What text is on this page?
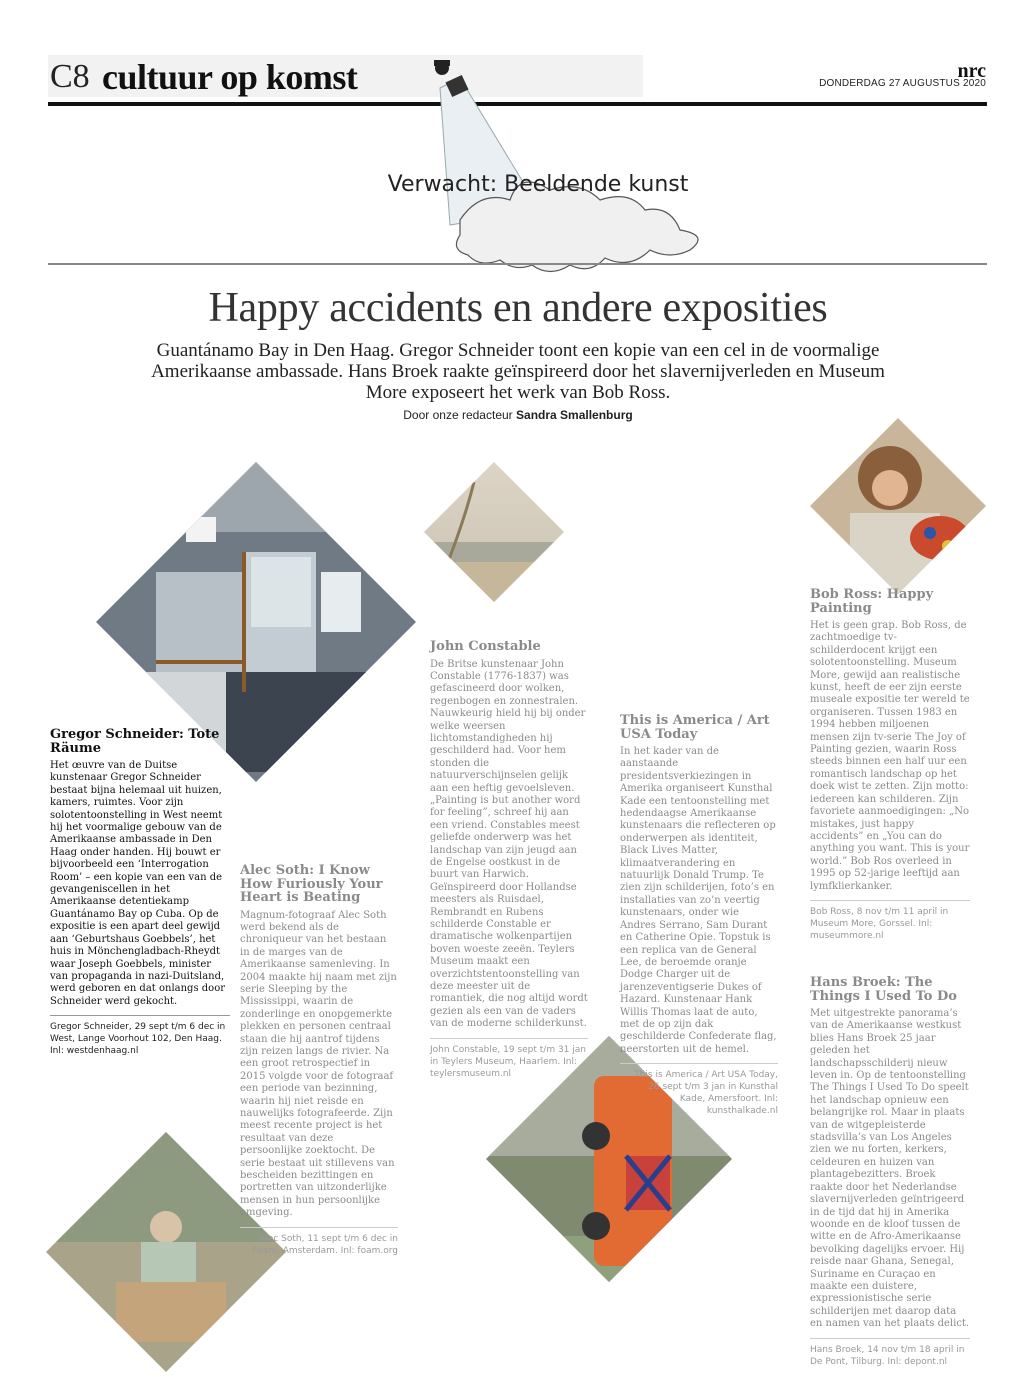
C8 cultuur op komst	nrc
DONDERDAG 27 AUGUSTUS 2020
Verwacht: Beeldende kunst
Happy accidents en andere exposities

Guantánamo Bay in Den Haag. Gregor Schneider toont een kopie van een cel in de voormalige Amerikaanse ambassade. Hans Broek raakte geïnspireerd door het slavernijverleden en Museum More exposeert het werk van Bob Ross.

Door onze redacteur Sandra Smallenburg
Gregor Schneider: Tote Räume
Het œuvre van de Duitse kunstenaar Gregor Schneider bestaat bijna helemaal uit huizen, kamers, ruimtes. Voor zijn solotentoonstelling in West neemt hij het voormalige gebouw van de Amerikaanse ambassade in Den Haag onder handen. Hij bouwt er bijvoorbeeld een ‘Interrogation Room’ – een kopie van een van de gevangeniscellen in het Amerikaanse detentiekamp Guantánamo Bay op Cuba. Op de expositie is een apart deel gewijd aan ‘Geburtshaus Goebbels’, het huis in Mönchengladbach-Rheydt waar Joseph Goebbels, minister van propaganda in nazi-Duitsland, werd geboren en dat onlangs door Schneider werd gekocht.
Gregor Schneider, 29 sept t/m 6 dec in West, Lange Voorhout 102, Den Haag. Inl: westdenhaag.nl
Alec Soth: I Know How Furiously Your Heart is Beating
Magnum-fotograaf Alec Soth werd bekend als de chroniqueur van het bestaan in de marges van de Amerikaanse samenleving. In 2004 maakte hij naam met zijn serie Sleeping by the Mississippi, waarin de zonderlinge en onopgemerkte plekken en personen centraal staan die hij aantrof tijdens zijn reizen langs de rivier. Na een groot retrospectief in 2015 volgde voor de fotograaf een periode van bezinning, waarin hij niet reisde en nauwelijks fotografeerde. Zijn meest recente project is het resultaat van deze persoonlijke zoektocht. De serie bestaat uit stillevens van bescheiden bezittingen en portretten van uitzonderlijke mensen in hun persoonlijke omgeving.
Alec Soth, 11 sept t/m 6 dec in Foam, Amsterdam. Inl: foam.org
John Constable
De Britse kunstenaar John Constable (1776-1837) was gefascineerd door wolken, regenbogen en zonnestralen. Nauwkeurig hield hij bij onder welke weersen lichtomstandigheden hij geschilderd had. Voor hem stonden die natuurverschijnselen gelijk aan een heftig gevoelsleven. „Painting is but another word for feeling”, schreef hij aan een vriend. Constables meest geliefde onderwerp was het landschap van zijn jeugd aan de Engelse oostkust in de buurt van Harwich. Geïnspireerd door Hollandse meesters als Ruisdael, Rembrandt en Rubens schilderde Constable er dramatische wolkenpartijen boven woeste zeeën. Teylers Museum maakt een overzichtstentoonstelling van deze meester uit de romantiek, die nog altijd wordt gezien als een van de vaders van de moderne schilderkunst.
John Constable, 19 sept t/m 31 jan in Teylers Museum, Haarlem. Inl: teylersmuseum.nl
This is America / Art USA Today
In het kader van de aanstaande presidentsverkiezingen in Amerika organiseert Kunsthal Kade een tentoonstelling met hedendaagse Amerikaanse kunstenaars die reflecteren op onderwerpen als identiteit, Black Lives Matter, klimaatverandering en natuurlijk Donald Trump. Te zien zijn schilderijen, foto’s en installaties van zo’n veertig kunstenaars, onder wie Andres Serrano, Sam Durant en Catherine Opie. Topstuk is een replica van de General Lee, de beroemde oranje Dodge Charger uit de jarenzeventigserie Dukes of Hazard. Kunstenaar Hank Willis Thomas laat de auto, met de op zijn dak geschilderde Confederate flag, neerstorten uit de hemel.
This is America / Art USA Today, 26 sept t/m 3 jan in Kunsthal Kade, Amersfoort. Inl: kunsthalkade.nl
Bob Ross: Happy Painting
Het is geen grap. Bob Ross, de zachtmoedige tv-schilderdocent krijgt een solotentoonstelling. Museum More, gewijd aan realistische kunst, heeft de eer zijn eerste museale expositie ter wereld te organiseren. Tussen 1983 en 1994 hebben miljoenen mensen zijn tv-serie The Joy of Painting gezien, waarin Ross steeds binnen een half uur een romantisch landschap op het doek wist te zetten. Zijn motto: iedereen kan schilderen. Zijn favoriete aanmoedigingen: „No mistakes, just happy accidents” en „You can do anything you want. This is your world.” Bob Ros overleed in 1995 op 52-jarige leeftijd aan lymfklierkanker.
Bob Ross, 8 nov t/m 11 april in Museum More, Gorssel. Inl: museummore.nl
Hans Broek: The Things I Used To Do
Met uitgestrekte panorama’s van de Amerikaanse westkust blies Hans Broek 25 jaar geleden het landschapsschilderij nieuw leven in. Op de tentoonstelling The Things I Used To Do speelt het landschap opnieuw een belangrijke rol. Maar in plaats van de witgepleisterde stadsvilla’s van Los Angeles zien we nu forten, kerkers, celdeuren en huizen van plantagebezitters. Broek raakte door het Nederlandse slavernijverleden geïntrigeerd in de tijd dat hij in Amerika woonde en de kloof tussen de witte en de Afro-Amerikaanse bevolking dagelijks ervoer. Hij reisde naar Ghana, Senegal, Suriname en Curaçao en maakte een duistere, expressionistische serie schilderijen met daarop data en namen van het plaats delict.
Hans Broek, 14 nov t/m 18 april in De Pont, Tilburg. Inl: depont.nl
